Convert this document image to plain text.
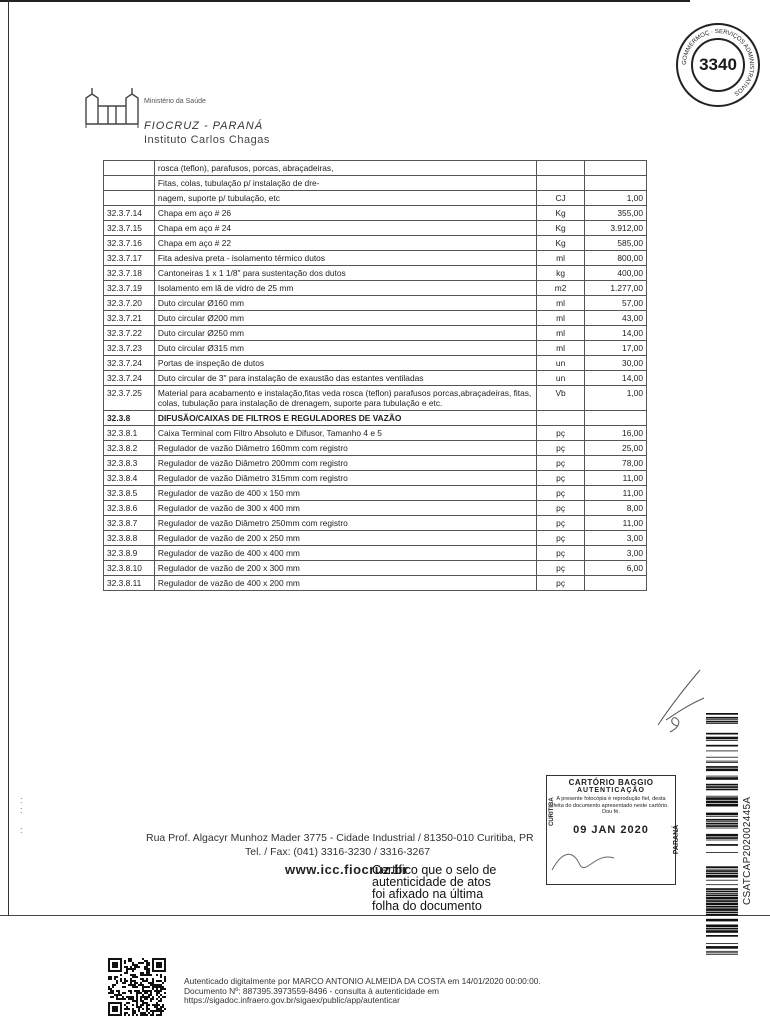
GOMMERMOÇ · SERVIÇOS ADMINISTRATIVOS
3340
Ministério da Saúde
FIOCRUZ - PARANÁ
Instituto Carlos Chagas
	rosca (teflon), parafusos, porcas, abraçadeiras,		
	Fitas, colas, tubulação p/ instalação de dre-		
	nagem, suporte p/ tubulação, etc	CJ	1,00
32.3.7.14	Chapa em aço # 26	Kg	355,00
32.3.7.15	Chapa em aço # 24	Kg	3.912,00
32.3.7.16	Chapa em aço # 22	Kg	585,00
32.3.7.17	Fita adesiva preta - isolamento térmico dutos	ml	800,00
32.3.7.18	Cantoneiras 1 x 1 1/8" para sustentação dos dutos	kg	400,00
32.3.7.19	Isolamento em lã de vidro de 25 mm	m2	1.277,00
32.3.7.20	Duto circular Ø160 mm	ml	57,00
32.3.7.21	Duto circular Ø200 mm	ml	43,00
32.3.7.22	Duto circular Ø250 mm	ml	14,00
32.3.7.23	Duto circular Ø315 mm	ml	17,00
32.3.7.24	Portas de inspeção de dutos	un	30,00
32.3.7.24	Duto circular de 3" para instalação de exaustão das estantes ventiladas	un	14,00
32.3.7.25	Material para acabamento e instalação,fitas veda rosca (teflon) parafusos porcas,abraçadeiras, fitas, colas, tubulação para instalação de drenagem, suporte para tubulação e etc.	Vb	1,00
32.3.8	DIFUSÃO/CAIXAS DE FILTROS E REGULADORES DE VAZÃO		
32.3.8.1	Caixa Terminal com Filtro Absoluto e Difusor, Tamanho 4 e 5	pç	16,00
32.3.8.2	Regulador de vazão Diâmetro 160mm com registro	pç	25,00
32.3.8.3	Regulador de vazão Diâmetro 200mm com registro	pç	78,00
32.3.8.4	Regulador de vazão Diâmetro 315mm com registro	pç	11,00
32.3.8.5	Regulador de vazão de 400 x 150 mm	pç	11,00
32.3.8.6	Regulador de vazão de 300 x 400 mm	pç	8,00
32.3.8.7	Regulador de vazão Diâmetro 250mm com registro	pç	11,00
32.3.8.8	Regulador de vazão de 200 x 250 mm	pç	3,00
32.3.8.9	Regulador de vazão de 400 x 400 mm	pç	3,00
32.3.8.10	Regulador de vazão de 200 x 300 mm	pç	6,00
32.3.8.11	Regulador de vazão de 400 x 200 mm	pç	
:
:

:
CARTÓRIO BAGGIO
AUTENTICAÇÃO
A presente fotocópia é reprodução fiel, desta feita do documento apresentado neste cartório. Dou fé.
09 JAN 2020
CURITIBA
PARANÁ
Rua Prof. Algacyr Munhoz Mader 3775 - Cidade Industrial / 81350-010 Curitiba, PR
Tel. / Fax: (041) 3316-3230 / 3316-3267
www.icc.fiocruz.br
Certifico que o selo de autenticidade de atos foi afixado na última folha do documento
CSATCAP202002445A
Autenticado digitalmente por MARCO ANTONIO ALMEIDA DA COSTA em 14/01/2020 00:00:00.
Documento Nº: 887395.3973559-8496 - consulta à autenticidade em
https://sigadoc.infraero.gov.br/sigaex/public/app/autenticar
